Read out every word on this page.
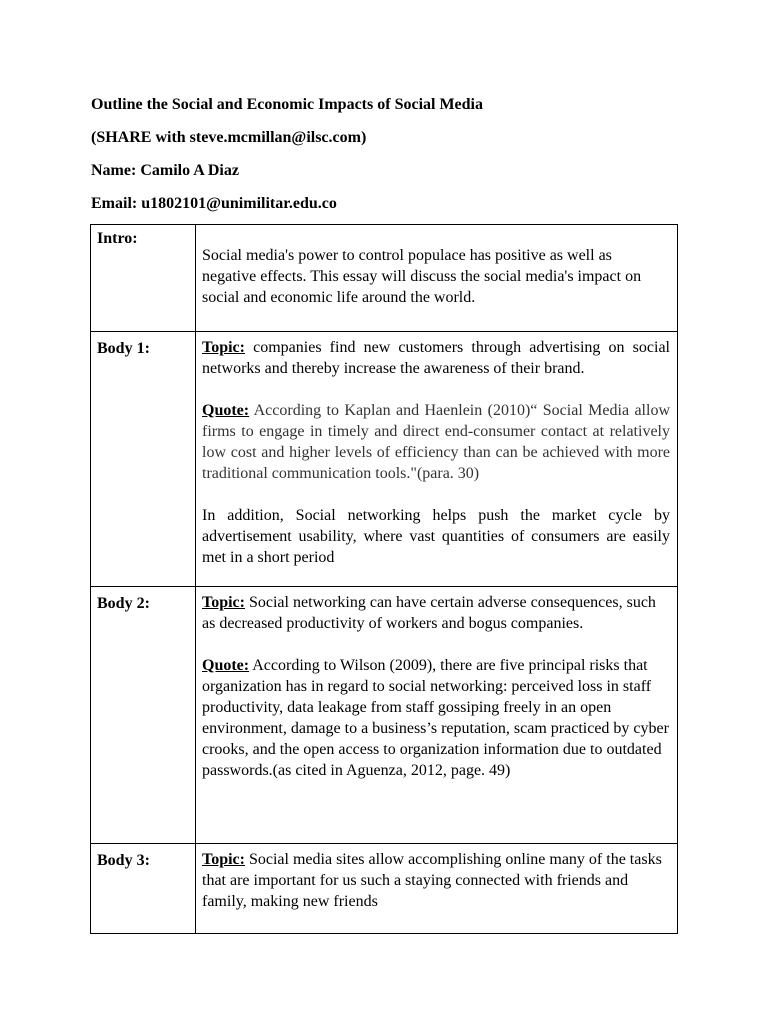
Outline the Social and Economic Impacts of Social Media
(SHARE with steve.mcmillan@ilsc.com)
Name: Camilo A Diaz
Email: u1802101@unimilitar.edu.co
Intro:	Social media's power to control populace has positive as well as negative effects. This essay will discuss the social media's impact on social and economic life around the world.

Body 1:	Topic: companies find new customers through advertising on social networks and thereby increase the awareness of their brand.

Quote: According to Kaplan and Haenlein (2010)“ Social Media allow firms to engage in timely and direct end-consumer contact at relatively low cost and higher levels of efficiency than can be achieved with more traditional communication tools."(para. 30)

In addition, Social networking helps push the market cycle by advertisement usability, where vast quantities of consumers are easily met in a short period

Body 2:	Topic: Social networking can have certain adverse consequences, such as decreased productivity of workers and bogus companies.

Quote: According to Wilson (2009), there are five principal risks that organization has in regard to social networking: perceived loss in staff productivity, data leakage from staff gossiping freely in an open environment, damage to a business’s reputation, scam practiced by cyber crooks, and the open access to organization information due to outdated passwords.(as cited in Aguenza, 2012, page. 49)

Body 3:	Topic: Social media sites allow accomplishing online many of the tasks that are important for us such a staying connected with friends and family, making new friends
